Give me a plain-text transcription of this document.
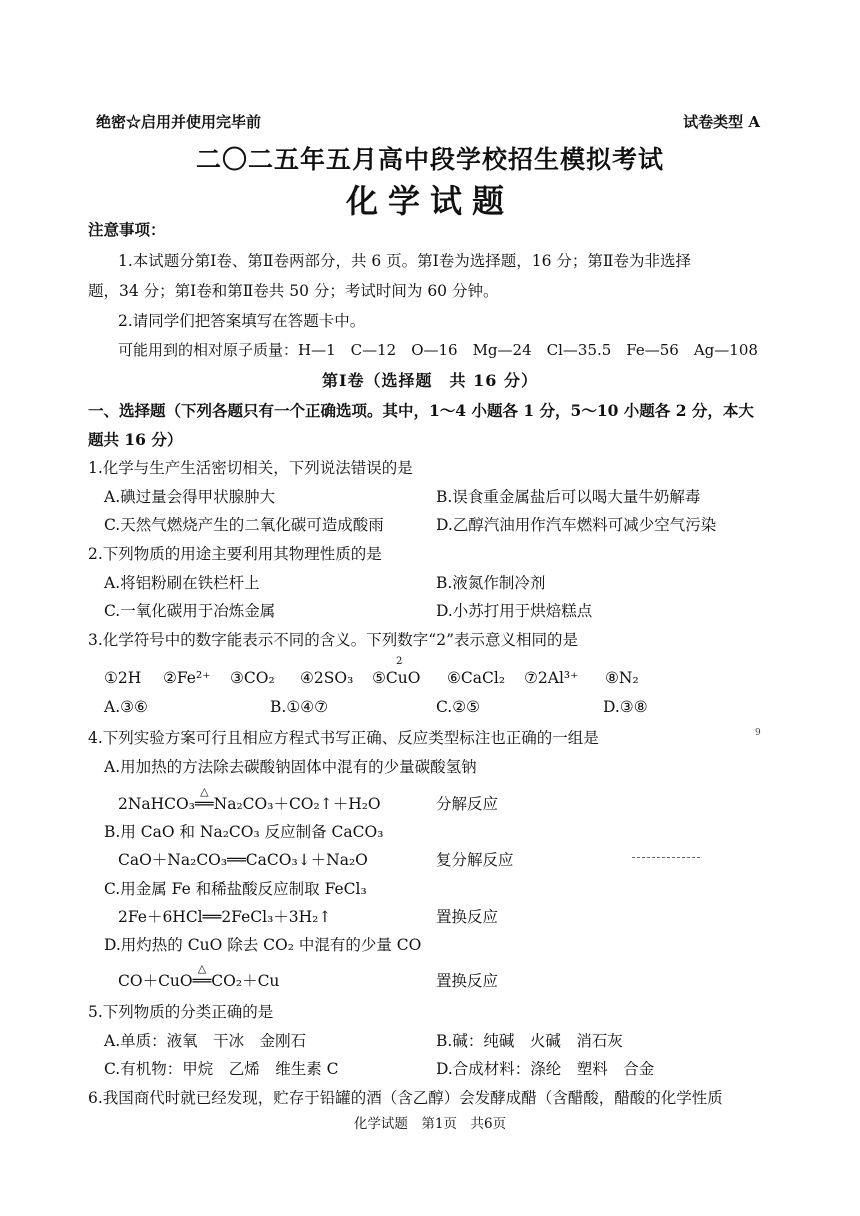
绝密☆启用并使用完毕前	试卷类型 A
二〇二五年五月高中段学校招生模拟考试
化学试题
注意事项：
1.本试题分第Ⅰ卷、第Ⅱ卷两部分，共 6 页。第Ⅰ卷为选择题，16 分；第Ⅱ卷为非选择
题，34 分；第Ⅰ卷和第Ⅱ卷共 50 分；考试时间为 60 分钟。
2.请同学们把答案填写在答题卡中。
可能用到的相对原子质量：H—1　C—12　O—16　Mg—24　Cl—35.5　Fe—56　Ag—108
第Ⅰ卷（选择题　共 16 分）
一、选择题（下列各题只有一个正确选项。其中，1～4 小题各 1 分，5～10 小题各 2 分，本大
题共 16 分）
1.化学与生产生活密切相关，下列说法错误的是
A.碘过量会得甲状腺肿大	B.误食重金属盐后可以喝大量牛奶解毒
C.天然气燃烧产生的二氧化碳可造成酸雨	D.乙醇汽油用作汽车燃料可减少空气污染
2.下列物质的用途主要利用其物理性质的是
A.将铝粉刷在铁栏杆上	B.液氮作制冷剂
C.一氧化碳用于冶炼金属	D.小苏打用于烘焙糕点
3.化学符号中的数字能表示不同的含义。下列数字“2”表示意义相同的是
①2H ②Fe²⁺ ③CO₂ ④2SO₃
2
⑤CuO ⑥CaCl₂ ⑦2Al³⁺ ⑧N₂
A.③⑥	B.①④⑦	C.②⑤	D.③⑧
4.下列实验方案可行且相应方程式书写正确、反应类型标注也正确的一组是	9
A.用加热的方法除去碳酸钠固体中混有的少量碳酸氢钠
2NaHCO₃
△
══Na₂CO₃＋CO₂↑＋H₂O	分解反应
B.用 CaO 和 Na₂CO₃ 反应制备 CaCO₃
CaO＋Na₂CO₃══CaCO₃↓＋Na₂O	复分解反应
C.用金属 Fe 和稀盐酸反应制取 FeCl₃
2Fe＋6HCl══2FeCl₃＋3H₂↑	置换反应
D.用灼热的 CuO 除去 CO₂ 中混有的少量 CO
CO＋CuO
△
══CO₂＋Cu	置换反应
5.下列物质的分类正确的是
A.单质：液氧　干冰　金刚石	B.碱：纯碱　火碱　消石灰
C.有机物：甲烷　乙烯　维生素 C	D.合成材料：涤纶　塑料　合金
6.我国商代时就已经发现，贮存于铅罐的酒（含乙醇）会发酵成醋（含醋酸，醋酸的化学性质
化学试题　第1页　共6页
